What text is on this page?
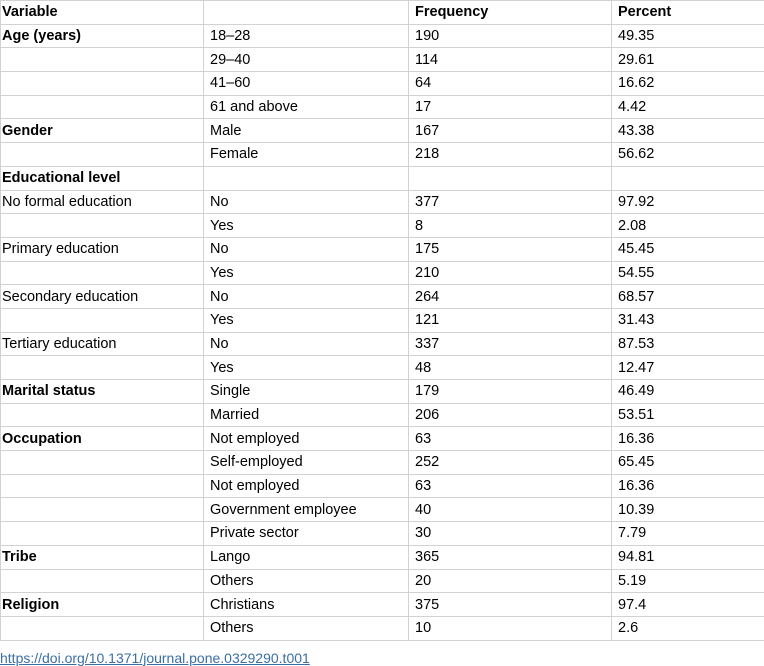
Variable		Frequency	Percent
Age (years)	18–28	190	49.35
	29–40	114	29.61
	41–60	64	16.62
	61 and above	17	4.42
Gender	Male	167	43.38
	Female	218	56.62
Educational level			
No formal education	No	377	97.92
	Yes	8	2.08
Primary education	No	175	45.45
	Yes	210	54.55
Secondary education	No	264	68.57
	Yes	121	31.43
Tertiary education	No	337	87.53
	Yes	48	12.47
Marital status	Single	179	46.49
	Married	206	53.51
Occupation	Not employed	63	16.36
	Self-employed	252	65.45
	Not employed	63	16.36
	Government employee	40	10.39
	Private sector	30	7.79
Tribe	Lango	365	94.81
	Others	20	5.19
Religion	Christians	375	97.4
	Others	10	2.6
https://doi.org/10.1371/journal.pone.0329290.t001
